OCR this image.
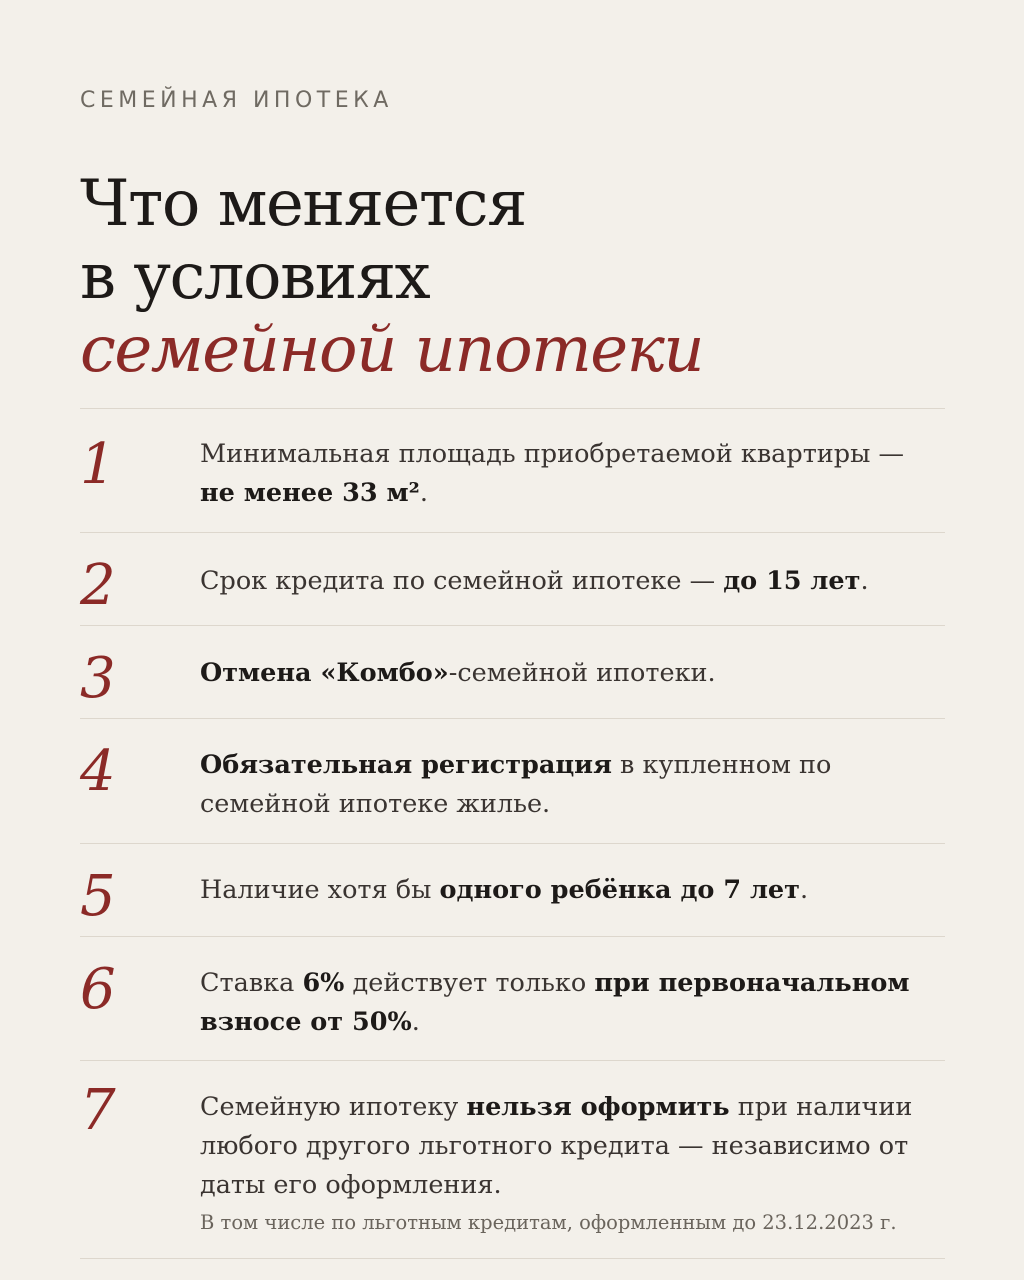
СЕМЕЙНАЯ ИПОТЕКА
Что меняется
в условиях
семейной ипотеки
1	Минимальная площадь приобретаемой квартиры — не менее 33 м².
2	Срок кредита по семейной ипотеке — до 15 лет.
3	Отмена «Комбо»-семейной ипотеки.
4	Обязательная регистрация в купленном по семейной ипотеке жилье.
5	Наличие хотя бы одного ребёнка до 7 лет.
6	Ставка 6% действует только при первоначальном взносе от 50%.
7	Семейную ипотеку нельзя оформить при наличии любого другого льготного кредита — независимо от даты его оформления.
В том числе по льготным кредитам, оформленным до 23.12.2023 г.
